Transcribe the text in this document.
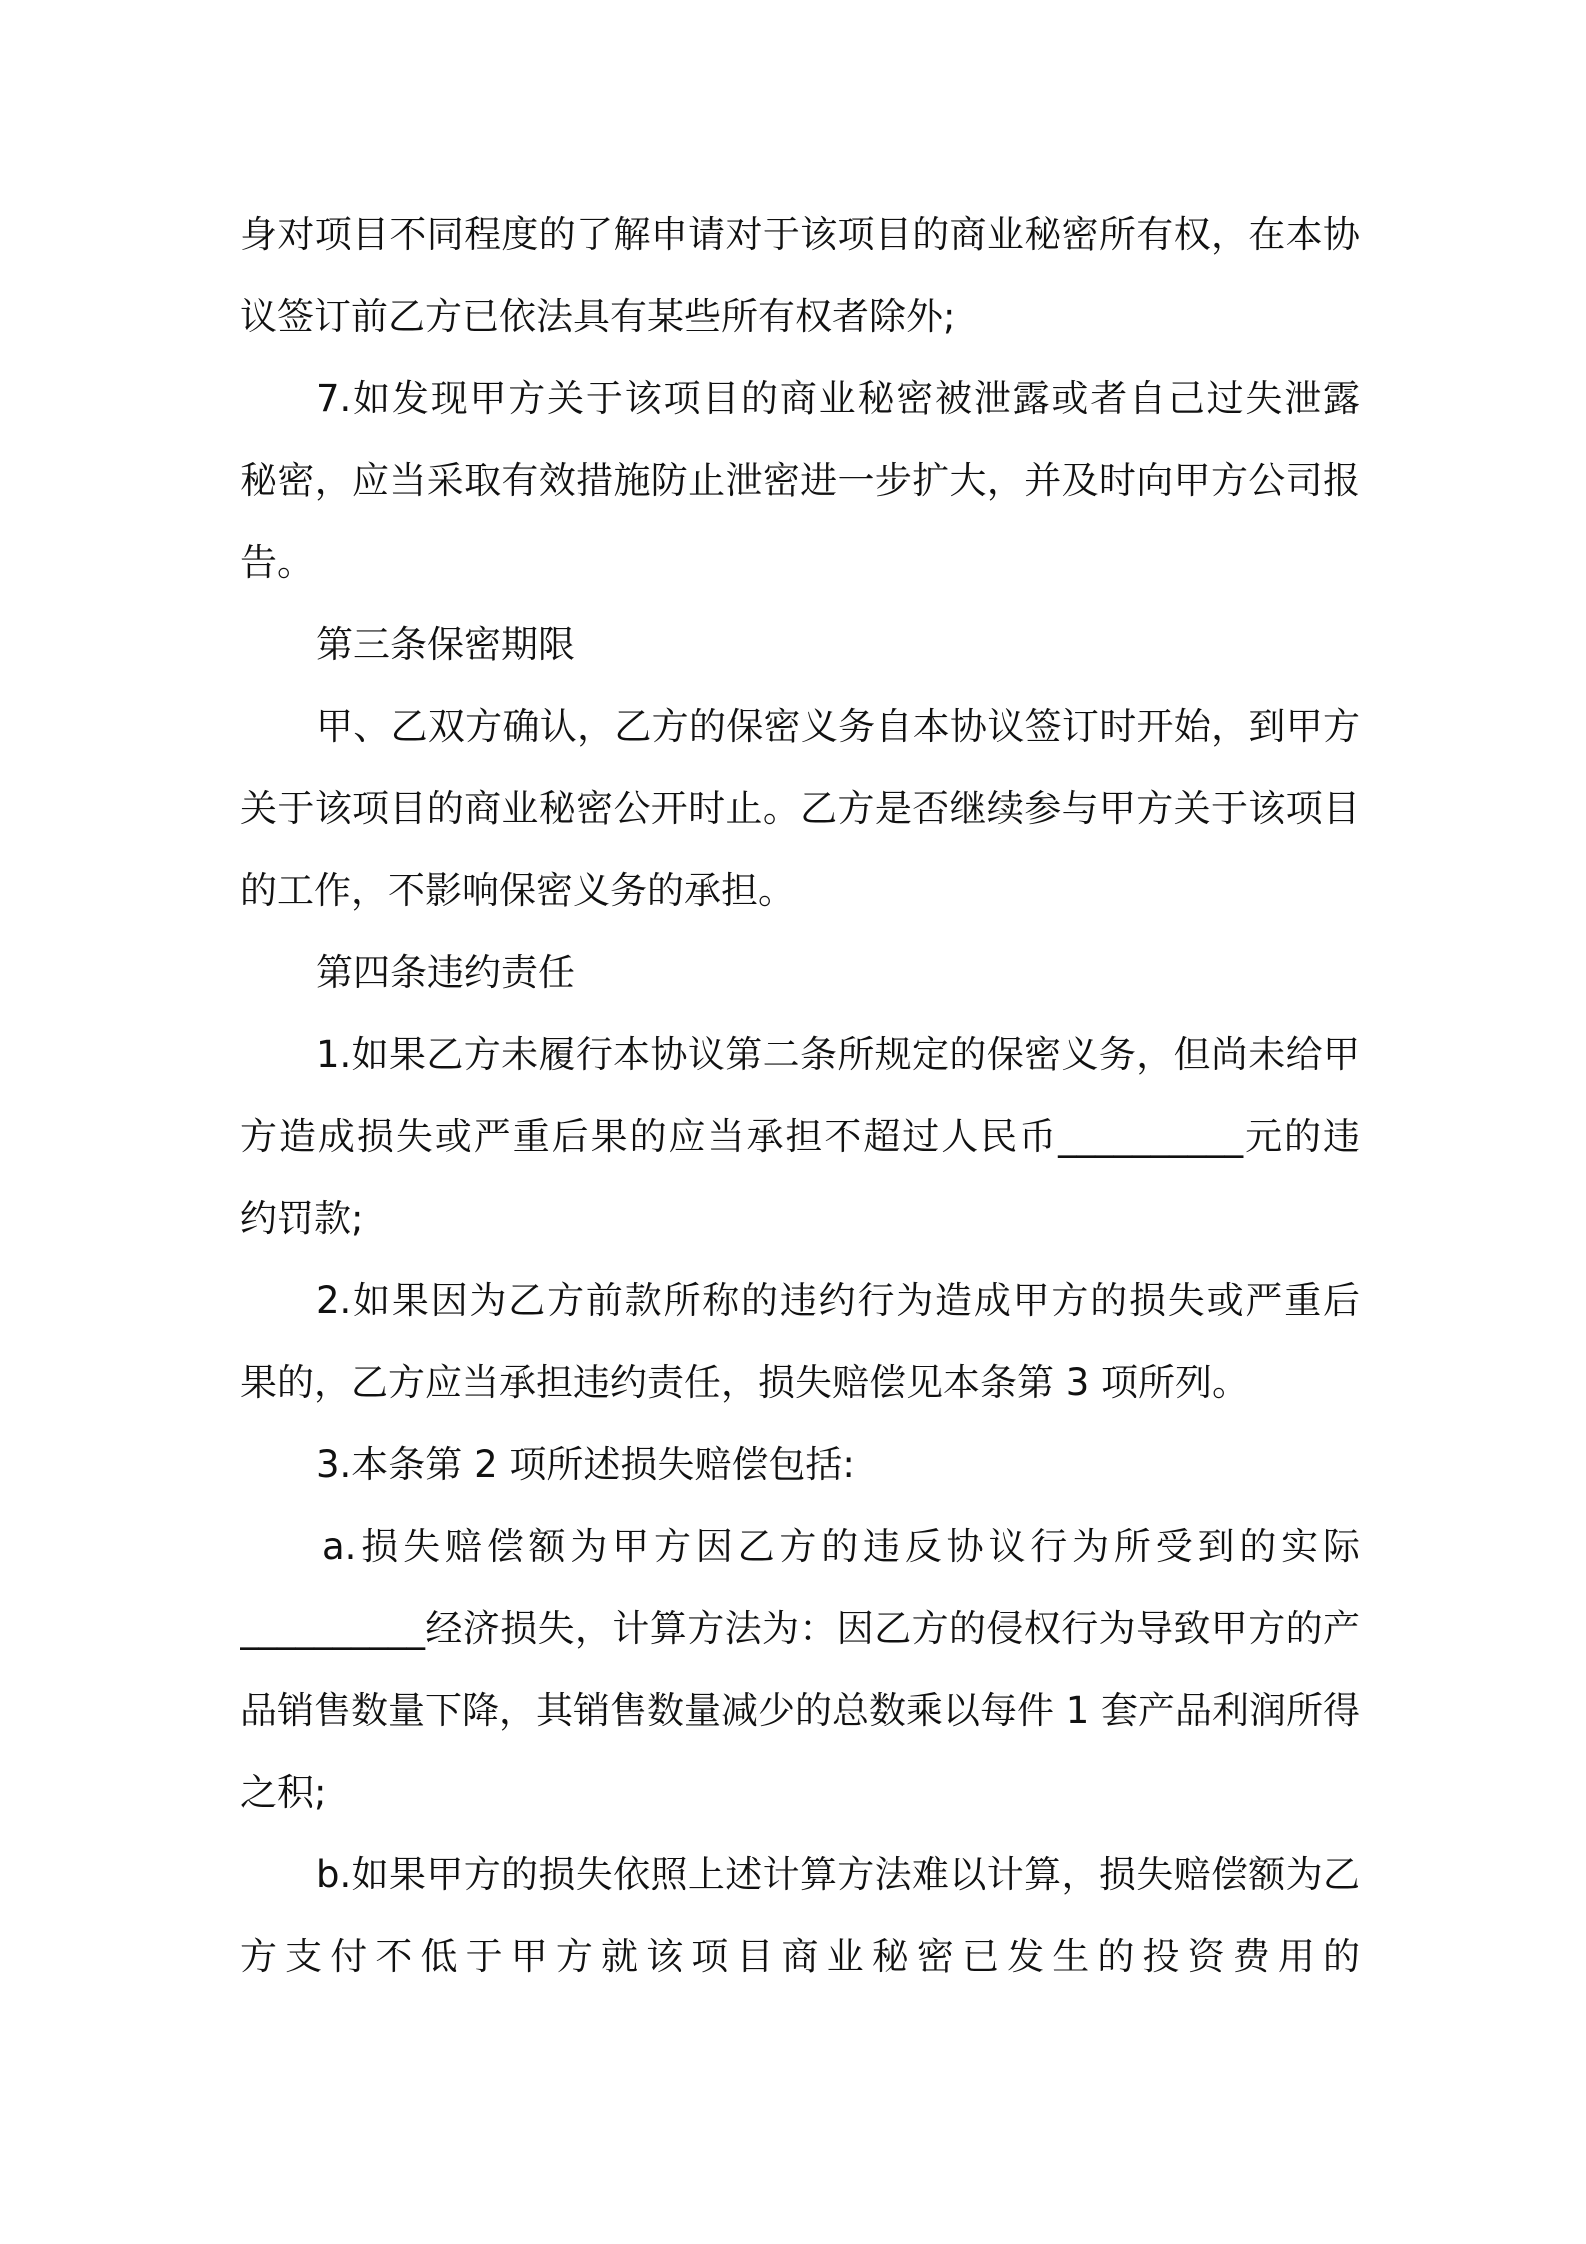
身对项目不同程度的了解申请对于该项目的商业秘密所有权，在本协
议签订前乙方已依法具有某些所有权者除外;
7.如发现甲方关于该项目的商业秘密被泄露或者自己过失泄露
秘密，应当采取有效措施防止泄密进一步扩大，并及时向甲方公司报
告。
第三条保密期限
甲、乙双方确认，乙方的保密义务自本协议签订时开始，到甲方
关于该项目的商业秘密公开时止。乙方是否继续参与甲方关于该项目
的工作，不影响保密义务的承担。
第四条违约责任
1.如果乙方未履行本协议第二条所规定的保密义务，但尚未给甲
方造成损失或严重后果的应当承担不超过人民币__________元的违
约罚款;
2.如果因为乙方前款所称的违约行为造成甲方的损失或严重后
果的，乙方应当承担违约责任，损失赔偿见本条第 3 项所列。
3.本条第 2 项所述损失赔偿包括:
a.损失赔偿额为甲方因乙方的违反协议行为所受到的实际
__________经济损失，计算方法为：因乙方的侵权行为导致甲方的产
品销售数量下降，其销售数量减少的总数乘以每件 1 套产品利润所得
之积;
b.如果甲方的损失依照上述计算方法难以计算，损失赔偿额为乙
方支付不低于甲方就该项目商业秘密已发生的投资费用的
